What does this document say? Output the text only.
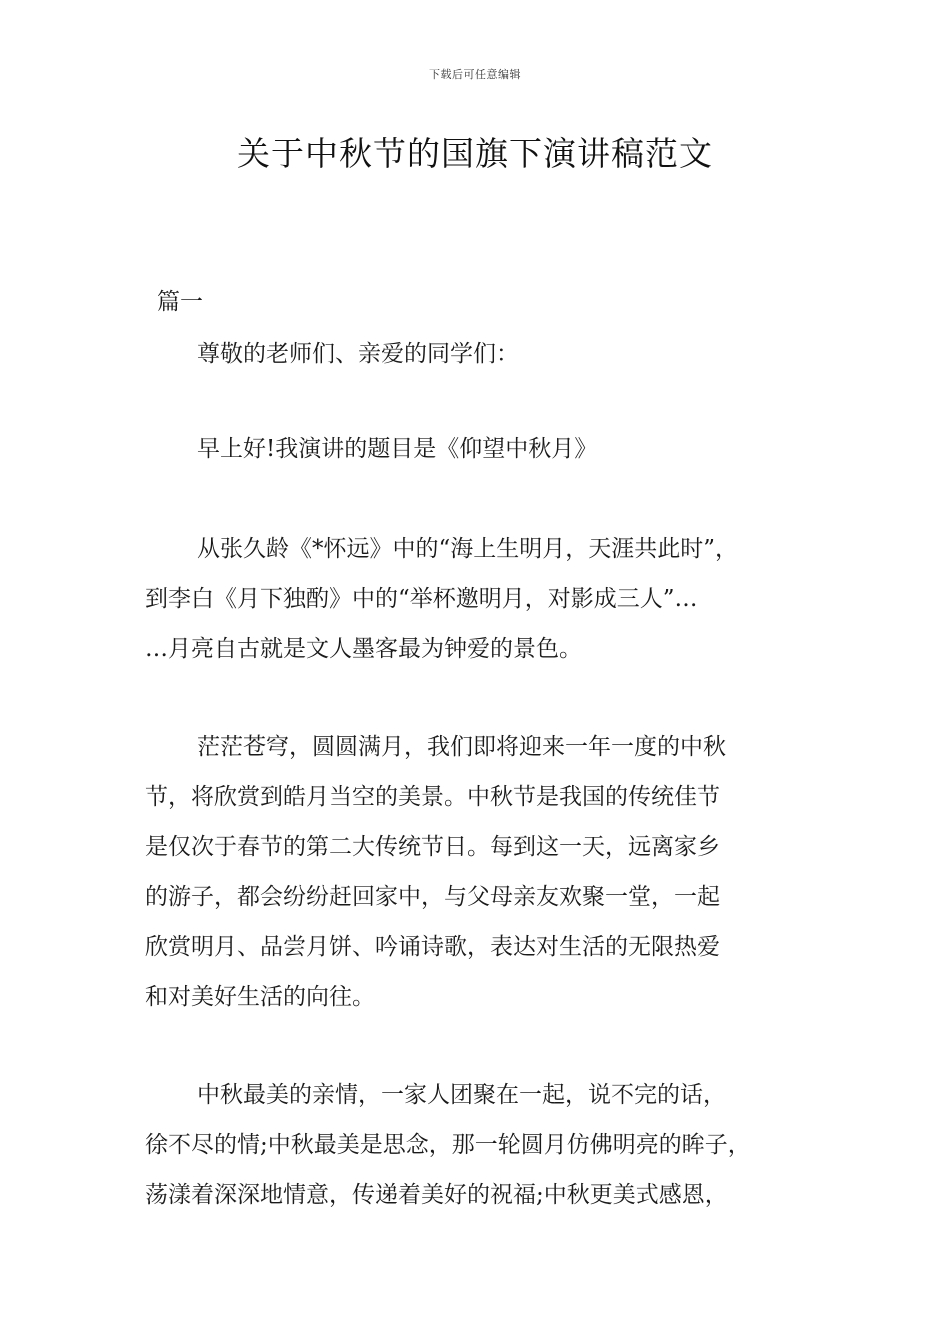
下载后可任意编辑
关于中秋节的国旗下演讲稿范文
篇一
尊敬的老师们、亲爱的同学们：
早上好!我演讲的题目是《仰望中秋月》
从张久龄《*怀远》中的“海上生明月，天涯共此时”，
到李白《月下独酌》中的“举杯邀明月，对影成三人”…
…月亮自古就是文人墨客最为钟爱的景色。
茫茫苍穹，圆圆满月，我们即将迎来一年一度的中秋
节，将欣赏到皓月当空的美景。中秋节是我国的传统佳节
是仅次于春节的第二大传统节日。每到这一天，远离家乡
的游子，都会纷纷赶回家中，与父母亲友欢聚一堂，一起
欣赏明月、品尝月饼、吟诵诗歌，表达对生活的无限热爱
和对美好生活的向往。
中秋最美的亲情，一家人团聚在一起，说不完的话，
徐不尽的情;中秋最美是思念，那一轮圆月仿佛明亮的眸子，
荡漾着深深地情意，传递着美好的祝福;中秋更美式感恩，
